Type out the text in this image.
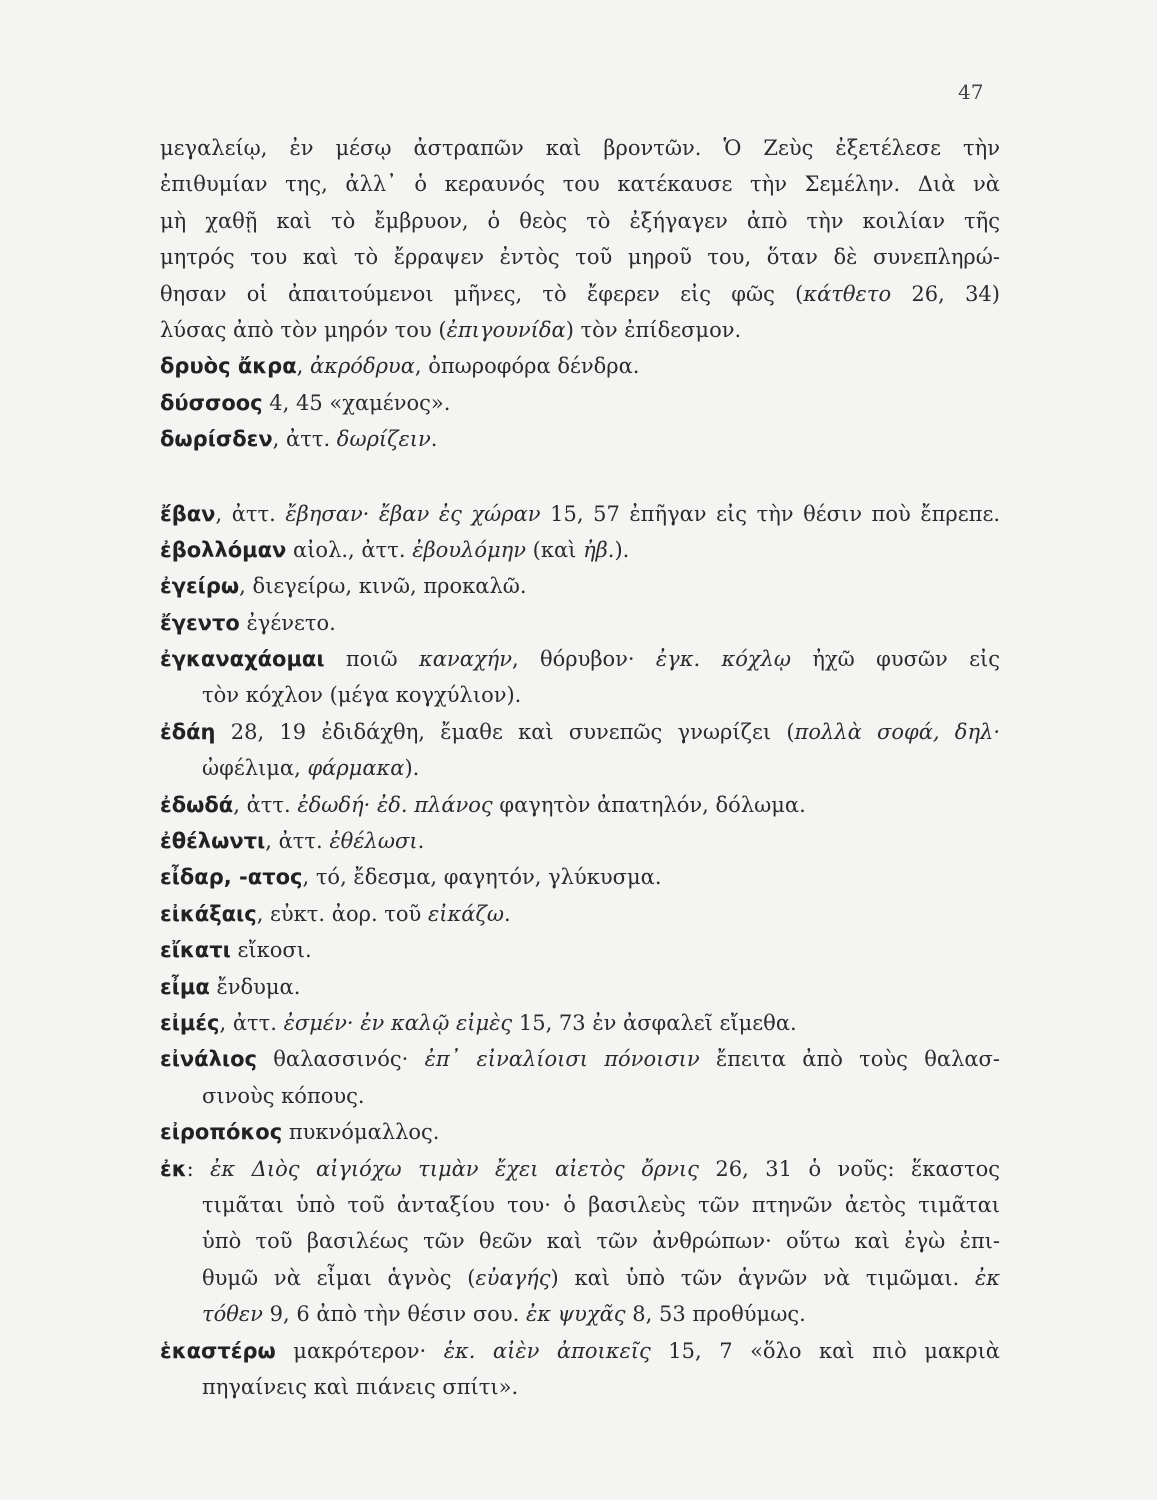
47
μεγαλείῳ, ἐν μέσῳ ἀστραπῶν καὶ βροντῶν. Ὁ Ζεὺς ἐξετέλεσε τὴν
ἐπιθυμίαν της, ἀλλ᾽ ὁ κεραυνός του κατέκαυσε τὴν Σεμέλην. Διὰ νὰ
μὴ χαθῇ καὶ τὸ ἔμβρυον, ὁ θεὸς τὸ ἐξήγαγεν ἀπὸ τὴν κοιλίαν τῆς
μητρός του καὶ τὸ ἔρραψεν ἐντὸς τοῦ μηροῦ του, ὅταν δὲ συνεπληρώ-
θησαν οἱ ἀπαιτούμενοι μῆνες, τὸ ἔφερεν εἰς φῶς (κάτθετο 26, 34)
λύσας ἀπὸ τὸν μηρόν του (ἐπιγουνίδα) τὸν ἐπίδεσμον.
δρυὸς ἄκρα, ἀκρόδρυα, ὀπωροφόρα δένδρα.
δύσσοος 4, 45 «χαμένος».
δωρίσδεν, ἀττ. δωρίζειν.
ἔβαν, ἀττ. ἔβησαν· ἔβαν ἐς χώραν 15, 57 ἐπῆγαν εἰς τὴν θέσιν ποὺ ἔπρεπε.
ἐβολλόμαν αἰολ., ἀττ. ἐβουλόμην (καὶ ἠβ.).
ἐγείρω, διεγείρω, κινῶ, προκαλῶ.
ἔγεντο ἐγένετο.
ἐγκαναχάομαι ποιῶ καναχήν, θόρυβον· ἐγκ. κόχλῳ ἠχῶ φυσῶν εἰς
τὸν κόχλον (μέγα κογχύλιον).
ἐδάη 28, 19 ἐδιδάχθη, ἔμαθε καὶ συνεπῶς γνωρίζει (πολλὰ σοφά, δηλ·
ὠφέλιμα, φάρμακα).
ἐδωδά, ἀττ. ἐδωδή· ἐδ. πλάνος φαγητὸν ἀπατηλόν, δόλωμα.
ἐθέλωντι, ἀττ. ἐθέλωσι.
εἶδαρ, -ατος, τό, ἔδεσμα, φαγητόν, γλύκυσμα.
εἰκάξαις, εὐκτ. ἀορ. τοῦ εἰκάζω.
εἴκατι εἴκοσι.
εἶμα ἔνδυμα.
εἰμές, ἀττ. ἐσμέν· ἐν καλῷ εἰμὲς 15, 73 ἐν ἀσφαλεῖ εἴμεθα.
εἰνάλιος θαλασσινός· ἐπ᾽ εἰναλίοισι πόνοισιν ἔπειτα ἀπὸ τοὺς θαλασ-
σινοὺς κόπους.
εἰροπόκος πυκνόμαλλος.
ἐκ: ἐκ Διὸς αἰγιόχω τιμὰν ἔχει αἰετὸς ὄρνις 26, 31 ὁ νοῦς: ἕκαστος
τιμᾶται ὑπὸ τοῦ ἀνταξίου του· ὁ βασιλεὺς τῶν πτηνῶν ἀετὸς τιμᾶται
ὑπὸ τοῦ βασιλέως τῶν θεῶν καὶ τῶν ἀνθρώπων· οὕτω καὶ ἐγὼ ἐπι-
θυμῶ νὰ εἶμαι ἁγνὸς (εὐαγής) καὶ ὑπὸ τῶν ἁγνῶν νὰ τιμῶμαι. ἐκ
τόθεν 9, 6 ἀπὸ τὴν θέσιν σου. ἐκ ψυχᾶς 8, 53 προθύμως.
ἑκαστέρω μακρότερον· ἑκ. αἰὲν ἀποικεῖς 15, 7 «ὅλο καὶ πιὸ μακριὰ
πηγαίνεις καὶ πιάνεις σπίτι».
